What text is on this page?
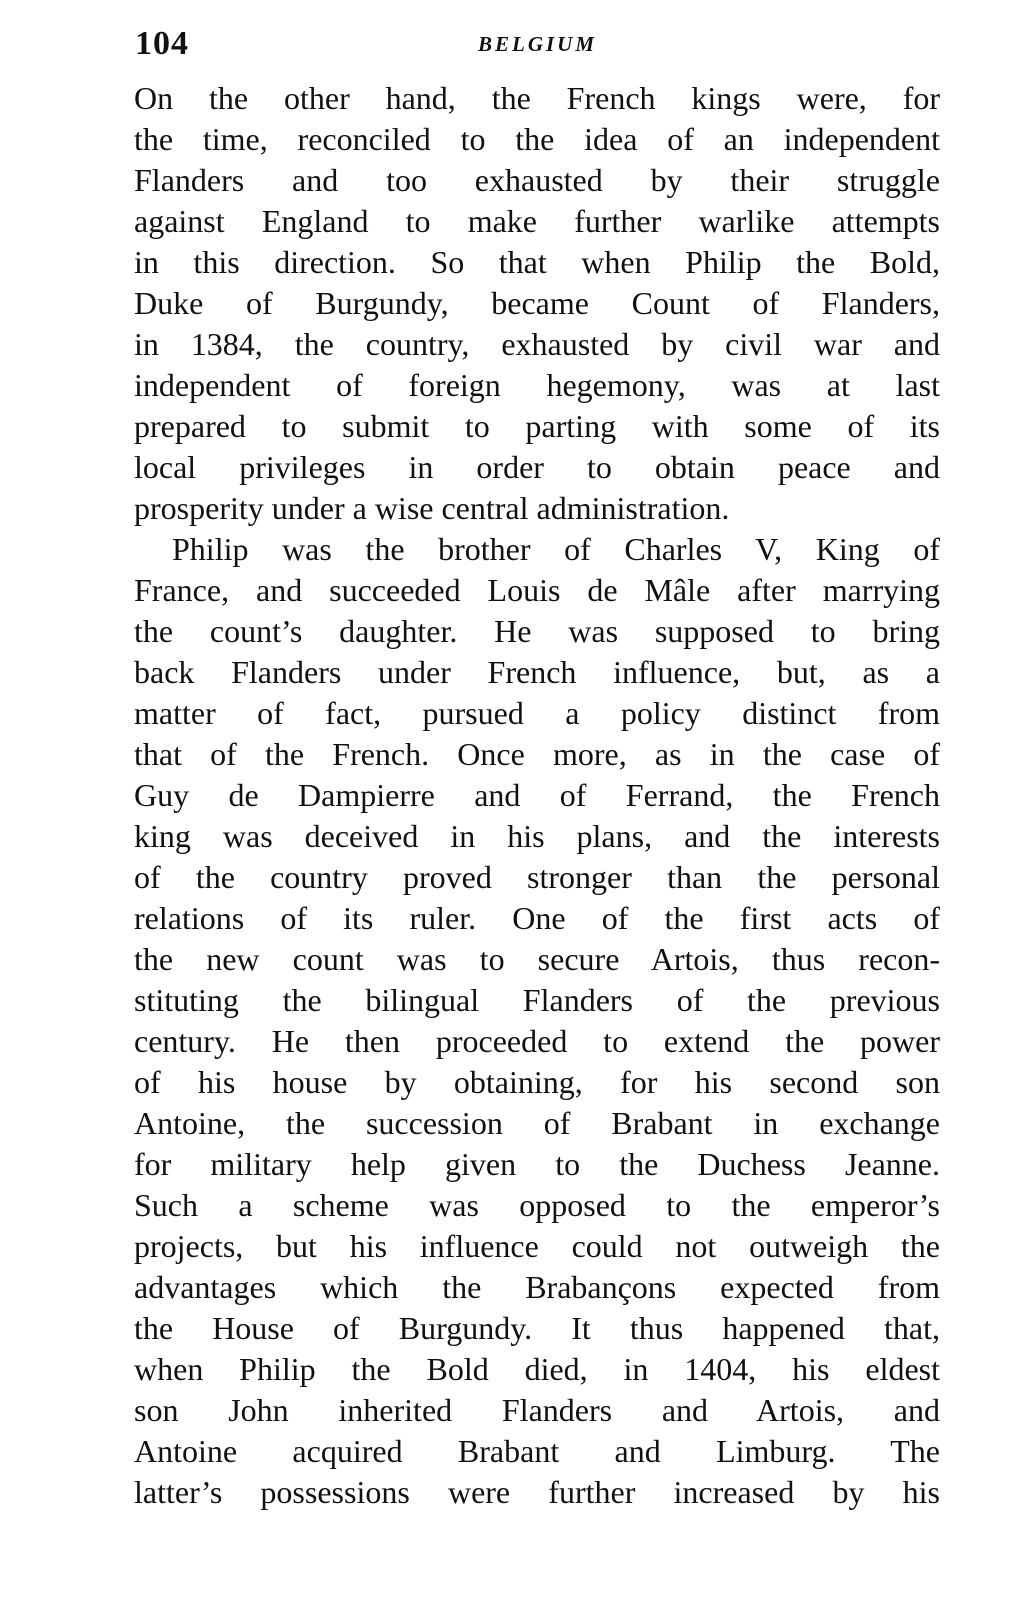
104	BELGIUM
On the other hand, the French kings were, for
the time, reconciled to the idea of an independent
Flanders and too exhausted by their struggle
against England to make further warlike attempts
in this direction. So that when Philip the Bold,
Duke of Burgundy, became Count of Flanders,
in 1384, the country, exhausted by civil war and
independent of foreign hegemony, was at last
prepared to submit to parting with some of its
local privileges in order to obtain peace and
prosperity under a wise central administration.
Philip was the brother of Charles V, King of
France, and succeeded Louis de Mâle after marrying
the count’s daughter. He was supposed to bring
back Flanders under French influence, but, as a
matter of fact, pursued a policy distinct from
that of the French. Once more, as in the case of
Guy de Dampierre and of Ferrand, the French
king was deceived in his plans, and the interests
of the country proved stronger than the personal
relations of its ruler. One of the first acts of
the new count was to secure Artois, thus recon-
stituting the bilingual Flanders of the previous
century. He then proceeded to extend the power
of his house by obtaining, for his second son
Antoine, the succession of Brabant in exchange
for military help given to the Duchess Jeanne.
Such a scheme was opposed to the emperor’s
projects, but his influence could not outweigh the
advantages which the Brabançons expected from
the House of Burgundy. It thus happened that,
when Philip the Bold died, in 1404, his eldest
son John inherited Flanders and Artois, and
Antoine acquired Brabant and Limburg. The
latter’s possessions were further increased by his
